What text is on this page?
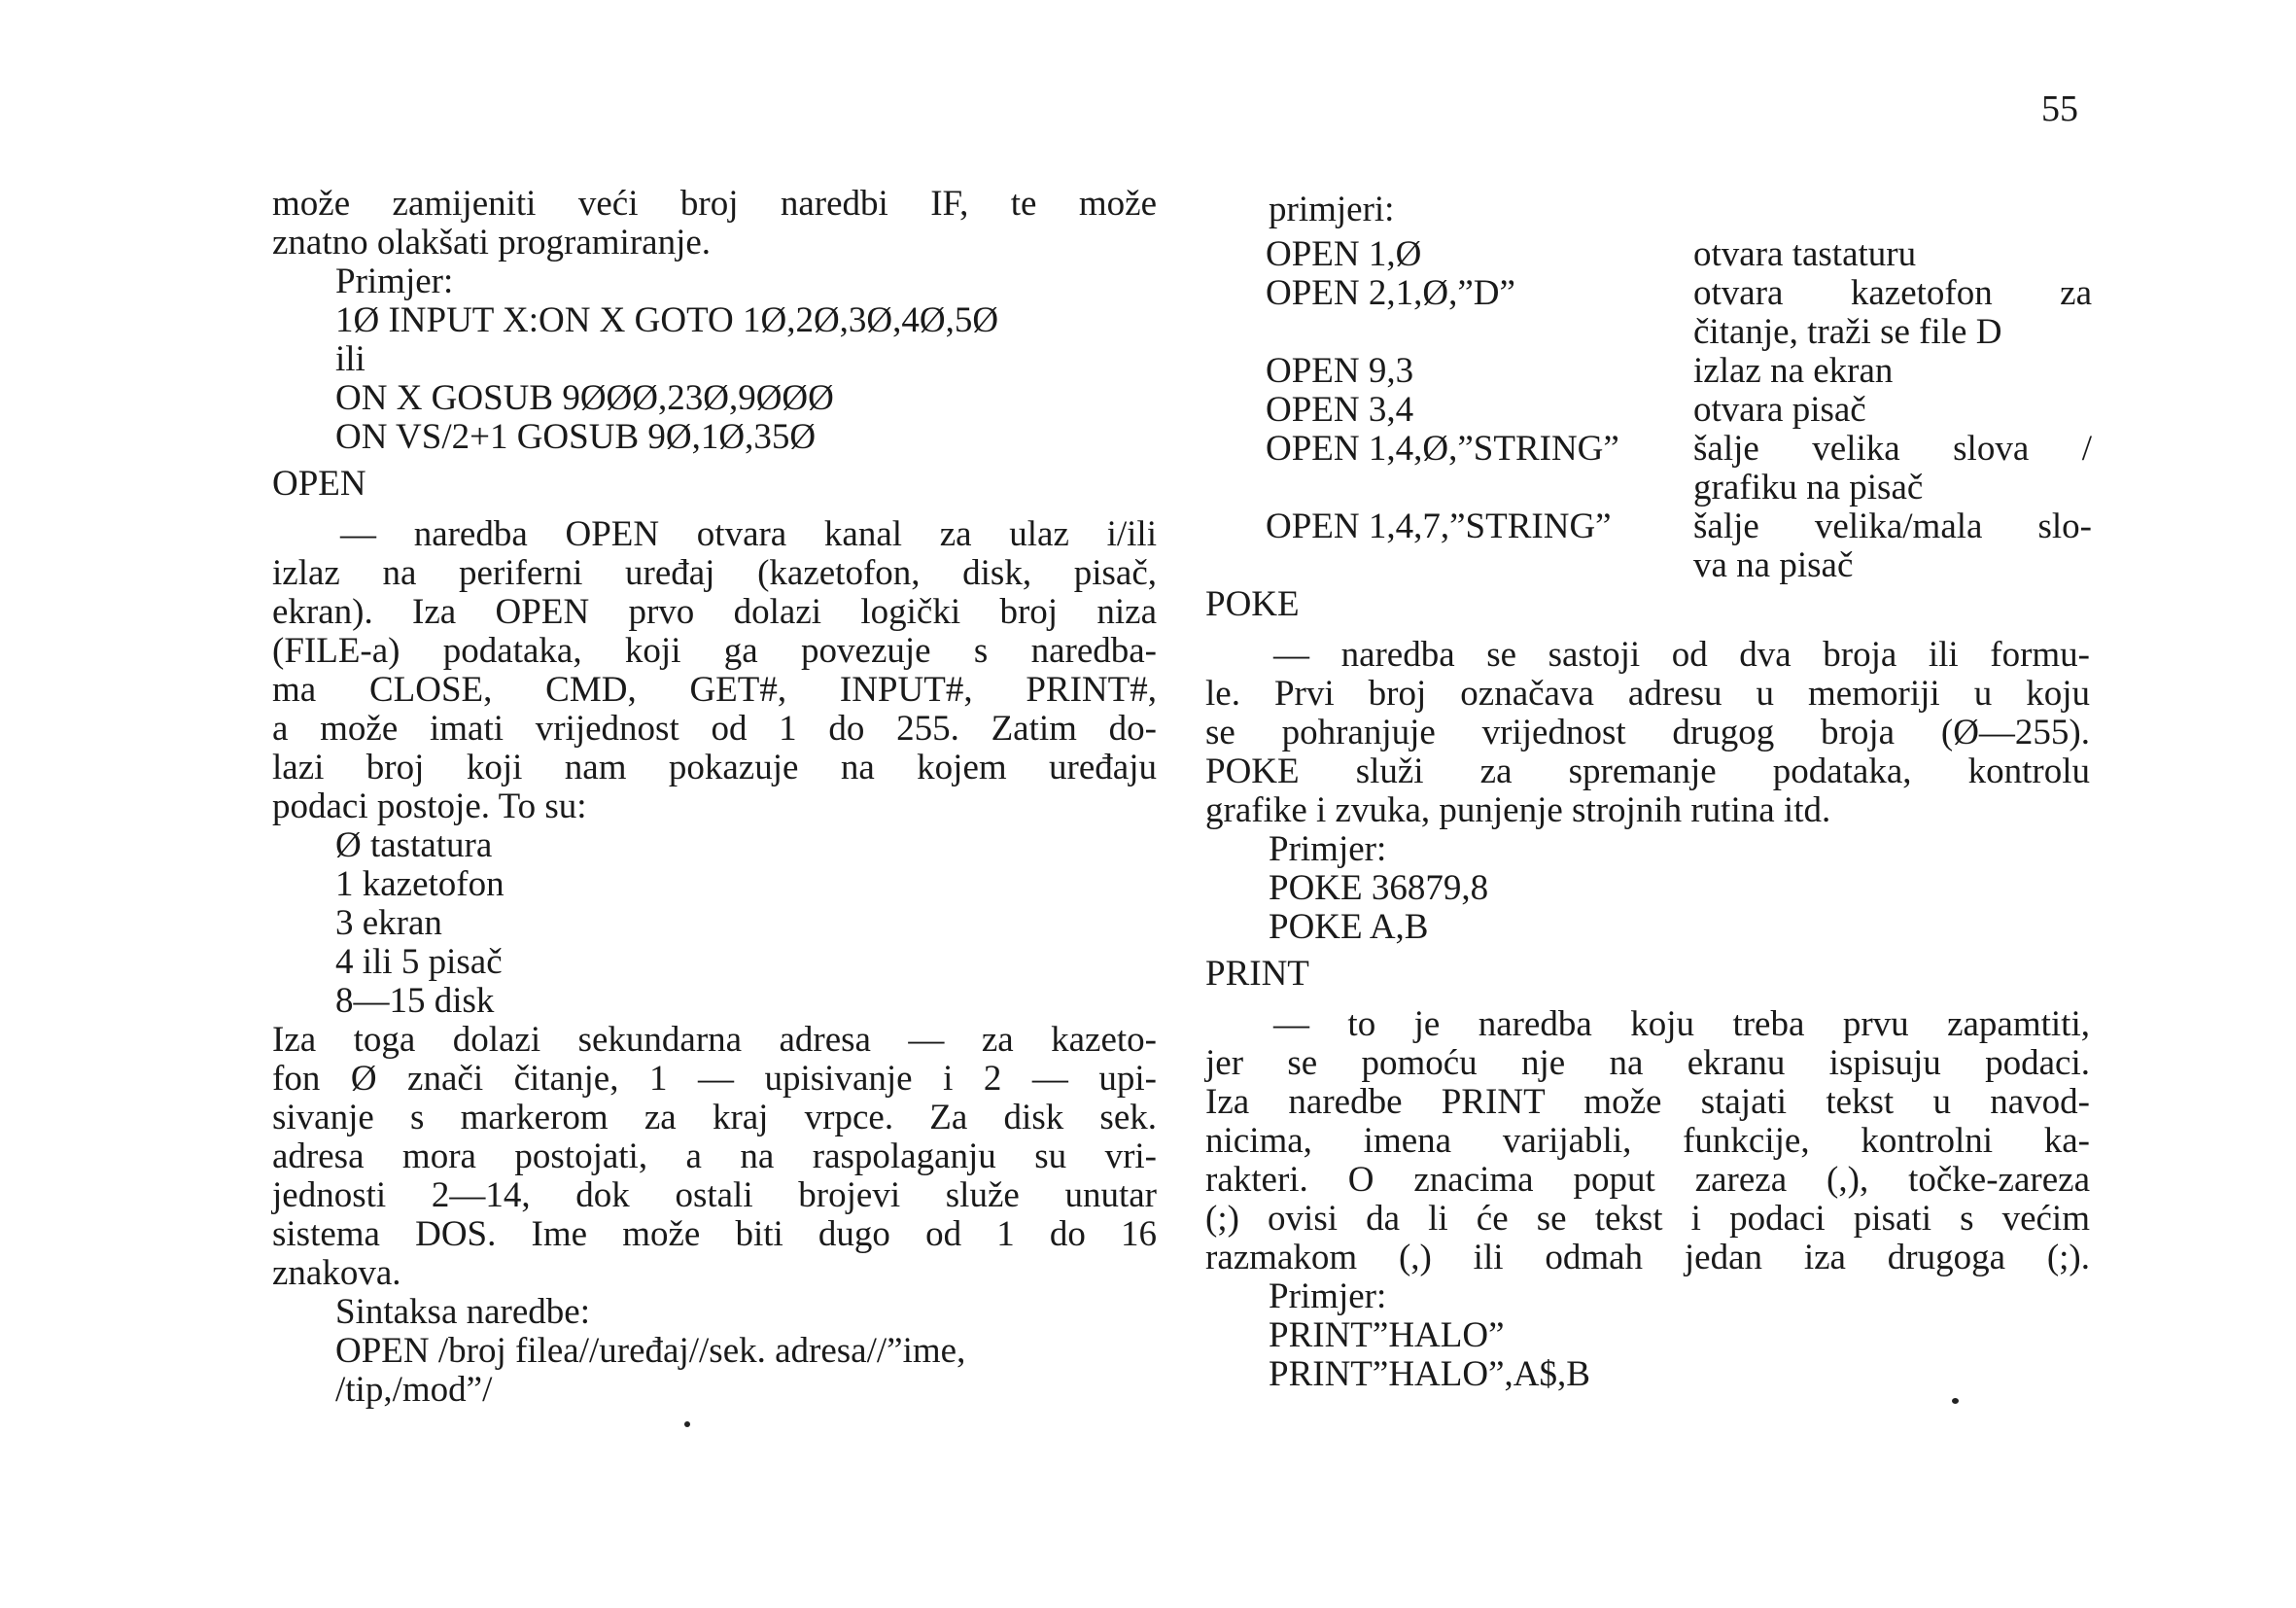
55
može zamijeniti veći broj naredbi IF, te može
znatno olakšati programiranje.
Primjer:
1Ø INPUT X:ON X GOTO 1Ø,2Ø,3Ø,4Ø,5Ø
ili
ON X GOSUB 9ØØØ,23Ø,9ØØØ
ON VS/2+1 GOSUB 9Ø,1Ø,35Ø
OPEN
— naredba OPEN otvara kanal za ulaz i/ili
izlaz na periferni uređaj (kazetofon, disk, pisač,
ekran). Iza OPEN prvo dolazi logički broj niza
(FILE-a) podataka, koji ga povezuje s naredba-
ma CLOSE, CMD, GET#, INPUT#, PRINT#,
a može imati vrijednost od 1 do 255. Zatim do-
lazi broj koji nam pokazuje na kojem uređaju
podaci postoje. To su:
Ø tastatura
1 kazetofon
3 ekran
4 ili 5 pisač
8—15 disk
Iza toga dolazi sekundarna adresa — za kazeto-
fon Ø znači čitanje, 1 — upisivanje i 2 — upi-
sivanje s markerom za kraj vrpce. Za disk sek.
adresa mora postojati, a na raspolaganju su vri-
jednosti 2—14, dok ostali brojevi služe unutar
sistema DOS. Ime može biti dugo od 1 do 16
znakova.
Sintaksa naredbe:
OPEN /broj filea//uređaj//sek. adresa//”ime,
/tip,/mod”/
primjeri:
OPEN 1,Ø	otvara tastaturu

OPEN 2,1,Ø,”D”	otvara kazetofon za
čitanje, traži se file D

OPEN 9,3	izlaz na ekran

OPEN 3,4	otvara pisač

OPEN 1,4,Ø,”STRING”	šalje velika slova /
grafiku na pisač

OPEN 1,4,7,”STRING”	šalje velika/mala slo-
va na pisač
POKE
— naredba se sastoji od dva broja ili formu-
le. Prvi broj označava adresu u memoriji u koju
se pohranjuje vrijednost drugog broja (Ø—255).
POKE služi za spremanje podataka, kontrolu
grafike i zvuka, punjenje strojnih rutina itd.
Primjer:
POKE 36879,8
POKE A,B
PRINT
— to je naredba koju treba prvu zapamtiti,
jer se pomoću nje na ekranu ispisuju podaci.
Iza naredbe PRINT može stajati tekst u navod-
nicima, imena varijabli, funkcije, kontrolni ka-
rakteri. O znacima poput zareza (,), točke-zareza
(;) ovisi da li će se tekst i podaci pisati s većim
razmakom (,) ili odmah jedan iza drugoga (;).
Primjer:
PRINT”HALO”
PRINT”HALO”,A$,B
